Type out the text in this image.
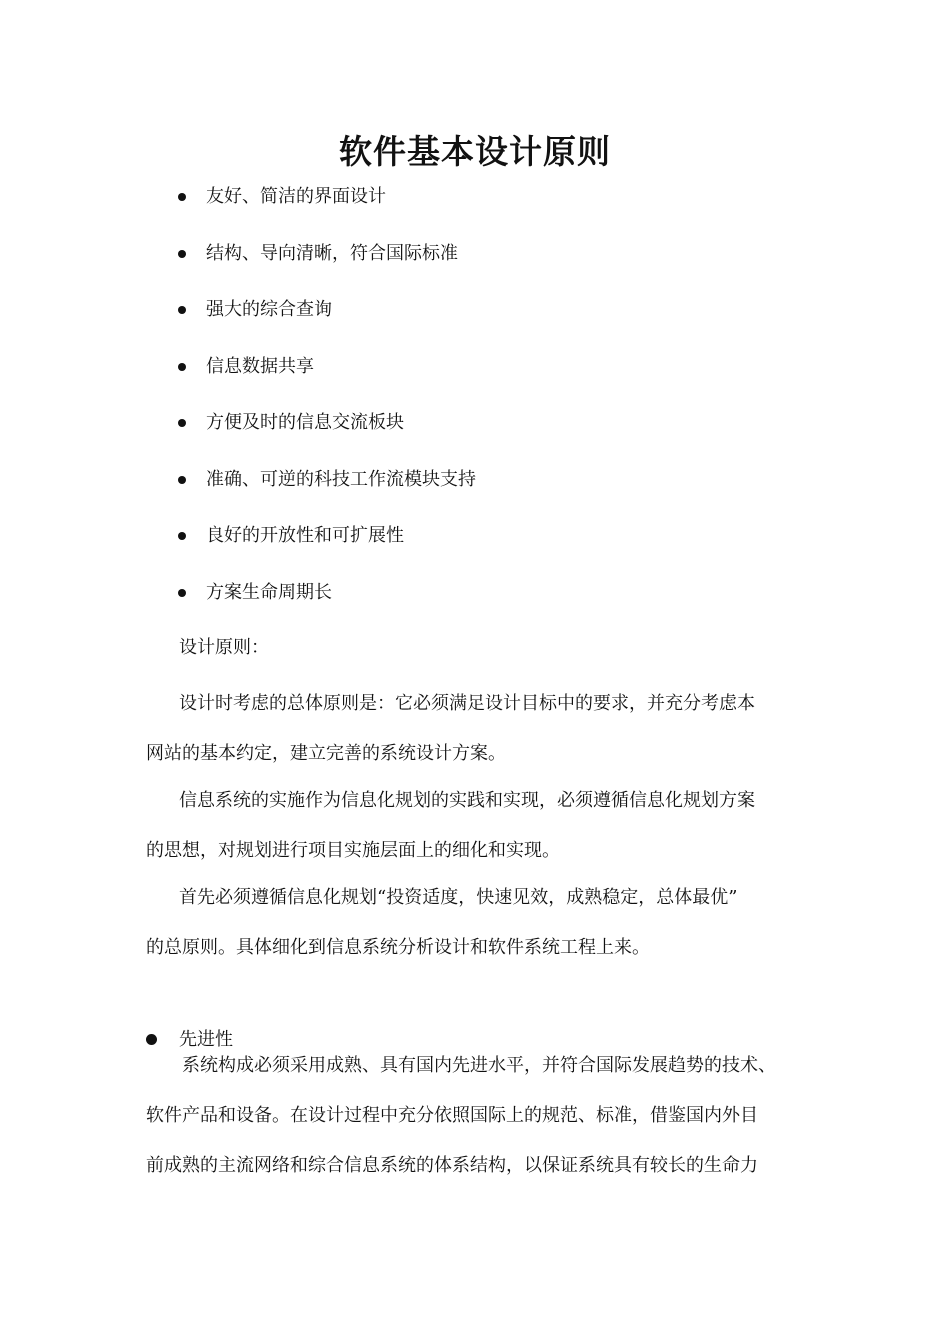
软件基本设计原则
友好、简洁的界面设计
结构、导向清晰，符合国际标准
强大的综合查询
信息数据共享
方便及时的信息交流板块
准确、可逆的科技工作流模块支持
良好的开放性和可扩展性
方案生命周期长
设计原则：
设计时考虑的总体原则是：它必须满足设计目标中的要求，并充分考虑本
网站的基本约定，建立完善的系统设计方案。
信息系统的实施作为信息化规划的实践和实现，必须遵循信息化规划方案
的思想，对规划进行项目实施层面上的细化和实现。
首先必须遵循信息化规划“投资适度，快速见效，成熟稳定，总体最优”
的总原则。具体细化到信息系统分析设计和软件系统工程上来。
先进性
系统构成必须采用成熟、具有国内先进水平，并符合国际发展趋势的技术、
软件产品和设备。在设计过程中充分依照国际上的规范、标准，借鉴国内外目
前成熟的主流网络和综合信息系统的体系结构，以保证系统具有较长的生命力
